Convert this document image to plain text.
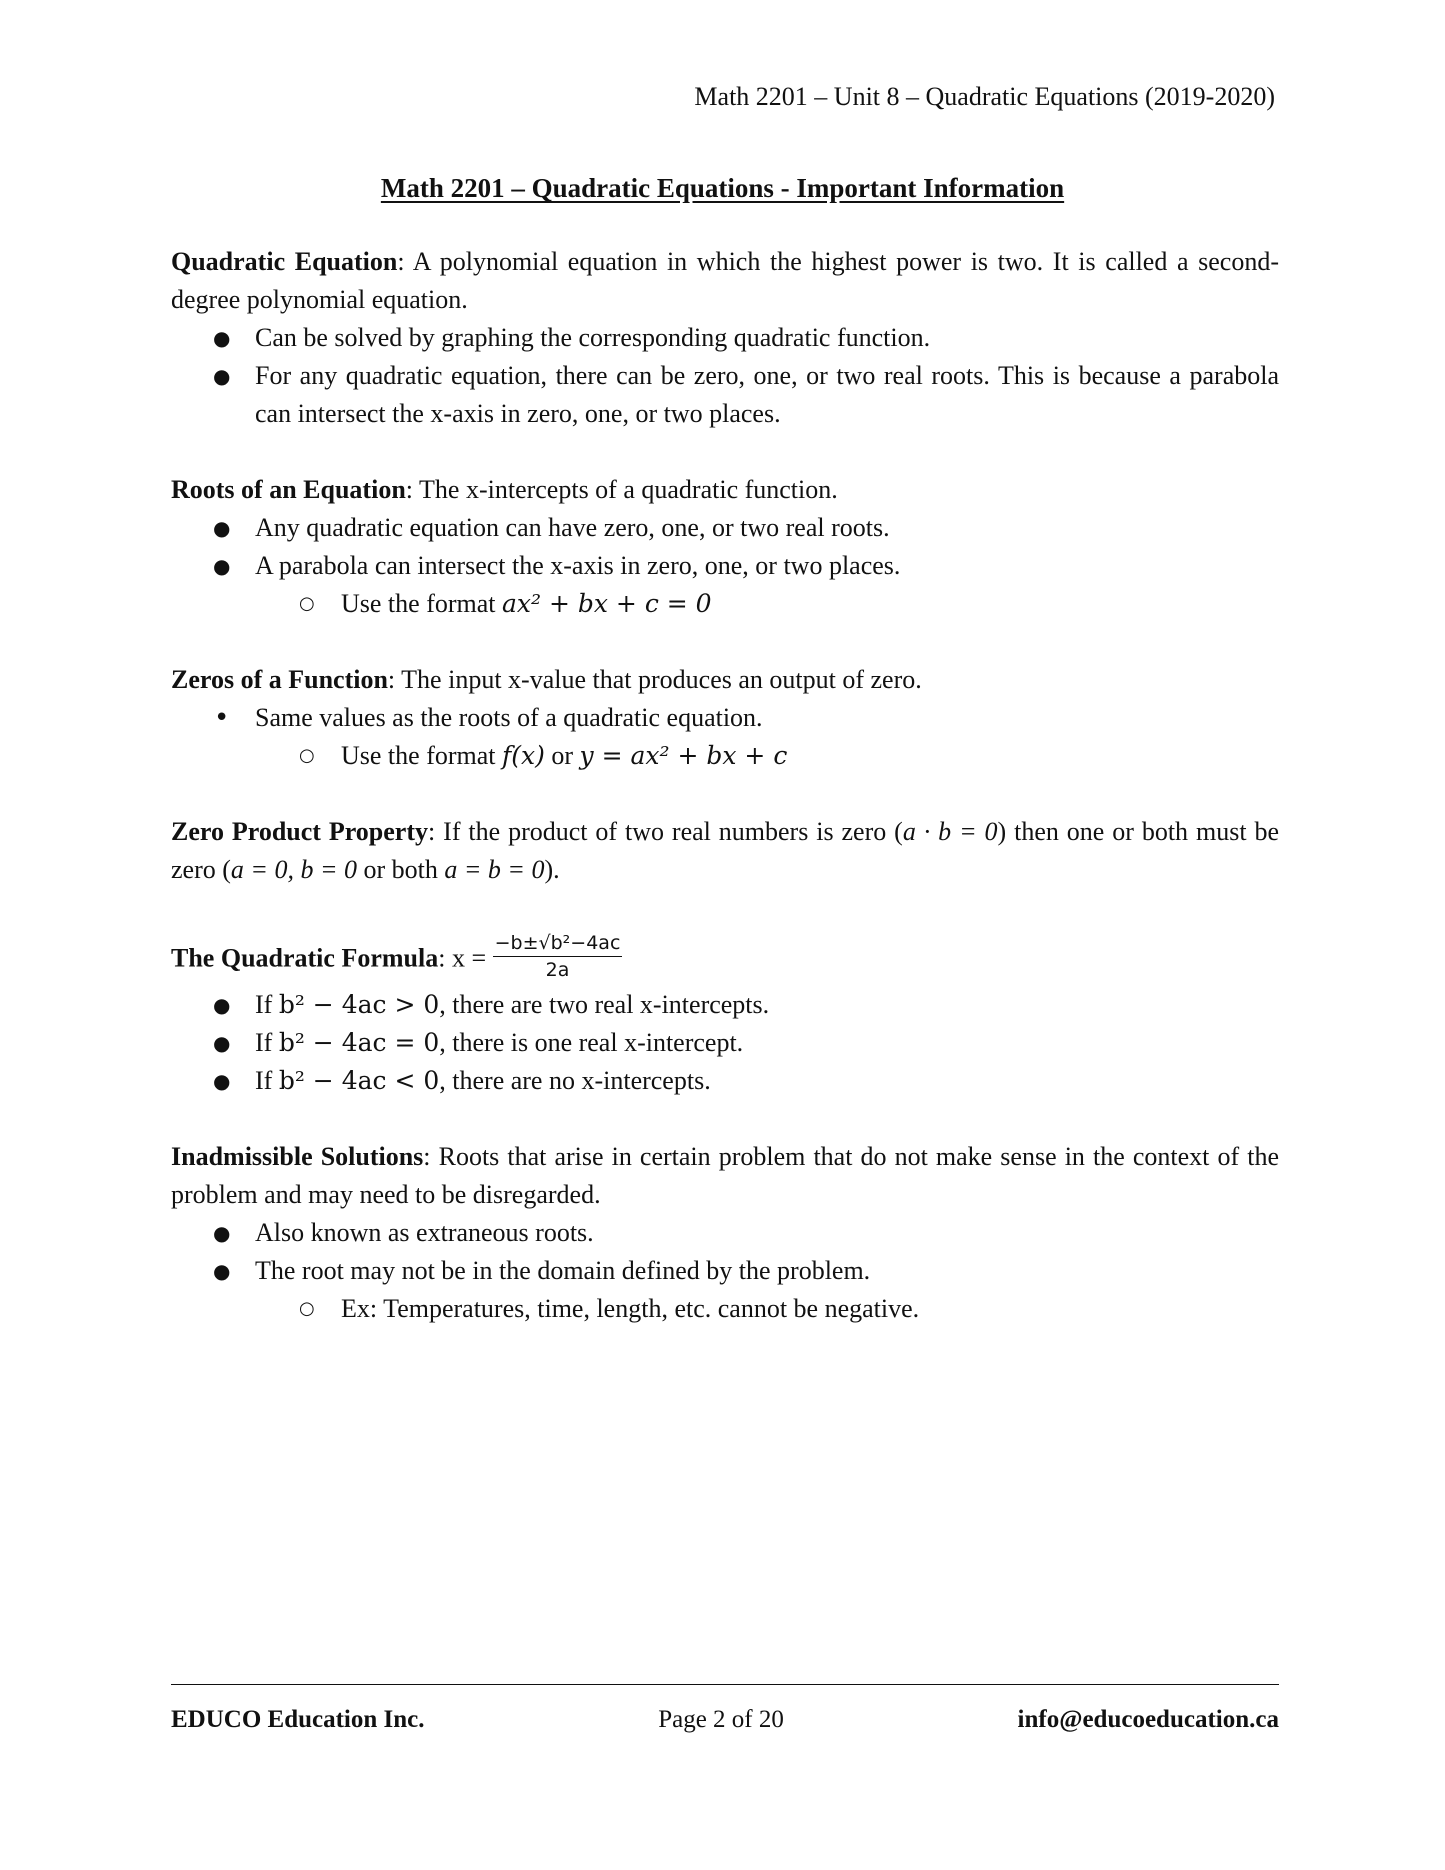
Math 2201 – Unit 8 – Quadratic Equations (2019-2020)
Math 2201 – Quadratic Equations - Important Information
Quadratic Equation: A polynomial equation in which the highest power is two. It is called a second-degree polynomial equation.
● Can be solved by graphing the corresponding quadratic function.
● For any quadratic equation, there can be zero, one, or two real roots. This is because a parabola can intersect the x-axis in zero, one, or two places.
Roots of an Equation: The x-intercepts of a quadratic function.
● Any quadratic equation can have zero, one, or two real roots.
● A parabola can intersect the x-axis in zero, one, or two places.
○ Use the format ax² + bx + c = 0
Zeros of a Function: The input x-value that produces an output of zero.
• Same values as the roots of a quadratic equation.
○ Use the format f(x) or y = ax² + bx + c
Zero Product Property: If the product of two real numbers is zero (a · b = 0) then one or both must be zero (a = 0, b = 0 or both a = b = 0).
The Quadratic Formula: $x = \frac{\text{−b±√b²−4ac}}{2a}$
● If b² − 4ac > 0, there are two real x-intercepts.
● If b² − 4ac = 0, there is one real x-intercept.
● If b² − 4ac < 0, there are no x-intercepts.
Inadmissible Solutions: Roots that arise in certain problem that do not make sense in the context of the problem and may need to be disregarded.
● Also known as extraneous roots.
● The root may not be in the domain defined by the problem.
○ Ex: Temperatures, time, length, etc. cannot be negative.
EDUCO Education Inc.	Page 2 of 20	info@educoeducation.ca
